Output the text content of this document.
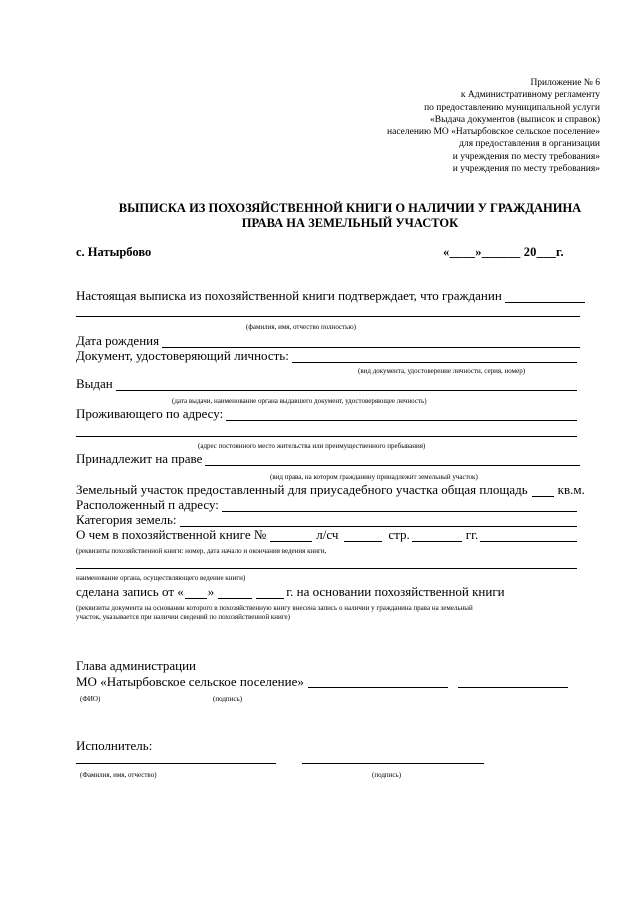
Приложение № 6
к Административному регламенту
по предоставлению муниципальной услуги
«Выдача документов (выписок и справок)
населению МО «Натырбовское сельское поселение»
для предоставления в организации
и учреждения по месту требования»
и учреждения по месту требования»
ВЫПИСКА ИЗ ПОХОЗЯЙСТВЕННОЙ КНИГИ О НАЛИЧИИ У ГРАЖДАНИНА
ПРАВА НА ЗЕМЕЛЬНЫЙ УЧАСТОК
с. Натырбово	«____»______ 20___г.
Настоящая выписка из похозяйственной книги подтверждает, что гражданин
(фамилия, имя, отчество полностью)
Дата рождения
Документ, удостоверяющий личность:
(вид документа, удостоверение личности, серия, номер)
Выдан
(дата выдачи, наименование органа выдавшего документ, удостоверяющее личность)
Проживающего по адресу:
(адрес постоянного место жительства или преимущественного пребывания)
Принадлежит на праве
(вид права, на котором гражданину принадлежит земельный участок)
Земельный участок предоставленный для приусадебного участка общая площадь кв.м.
Расположенный п адресу:
Категория земель:
О чем в похозяйственной книге №	л/сч	стр.	гг.
(реквизиты похозяйственной книги: номер, дата начало и окончания ведения книги,
наименование органа, осуществляющего ведение книги)
сделана запись от « »	г. на основании похозяйственной книги
(реквизиты документа на основании которого в похозяйственную книгу внесена запись о наличии у гражданина права на земельный
участок, указывается при наличии сведений по похозяйственной книге)
Глава администрации
МО «Натырбовское сельское поселение»
(ФИО)	(подпись)
Исполнитель:
(Фамилия, имя, отчество)	(подпись)
